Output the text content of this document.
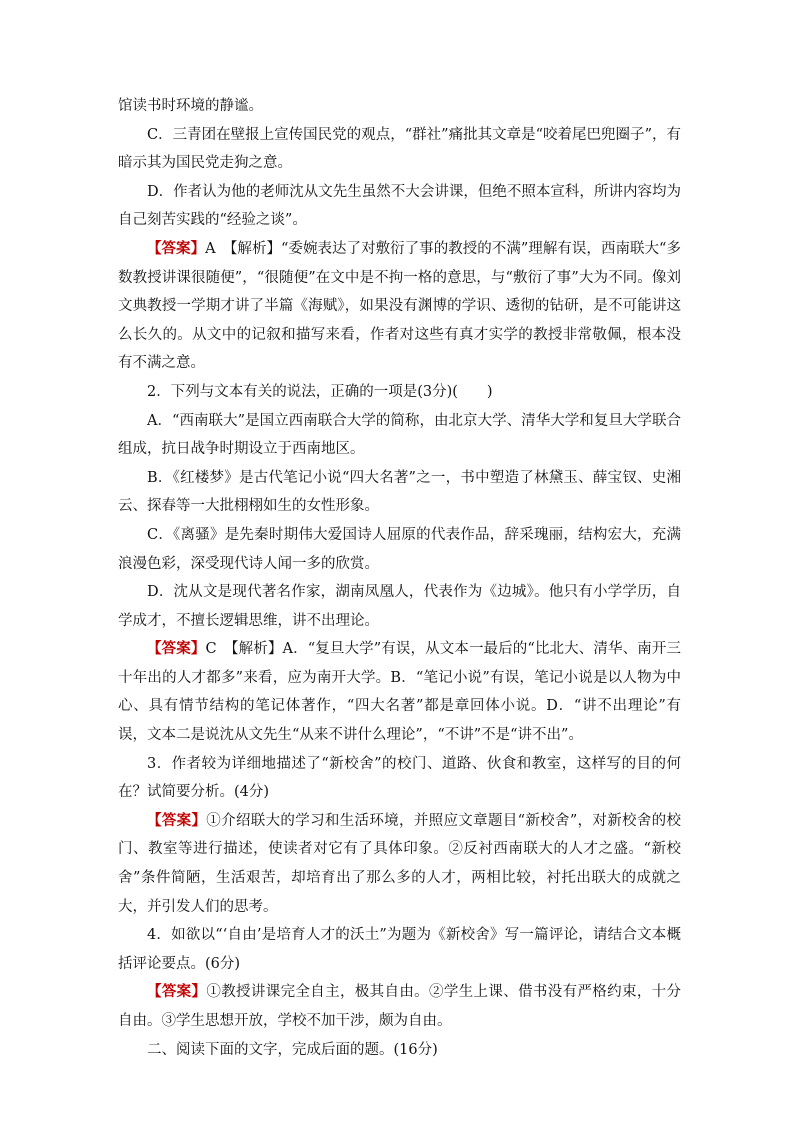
馆读书时环境的静谧。

C．三青团在壁报上宣传国民党的观点，“群社”痛批其文章是“咬着尾巴兜圈子”，有暗示其为国民党走狗之意。

D．作者认为他的老师沈从文先生虽然不大会讲课，但绝不照本宣科，所讲内容均为自己刻苦实践的“经验之谈”。

【答案】A　【解析】“委婉表达了对敷衍了事的教授的不满”理解有误，西南联大“多数教授讲课很随便”，“很随便”在文中是不拘一格的意思，与“敷衍了事”大为不同。像刘文典教授一学期才讲了半篇《海赋》，如果没有渊博的学识、透彻的钻研，是不可能讲这么长久的。从文中的记叙和描写来看，作者对这些有真才实学的教授非常敬佩，根本没有不满之意。

2．下列与文本有关的说法，正确的一项是(3分)(　　)

A．“西南联大”是国立西南联合大学的简称，由北京大学、清华大学和复旦大学联合组成，抗日战争时期设立于西南地区。

B．《红楼梦》是古代笔记小说“四大名著”之一，书中塑造了林黛玉、薛宝钗、史湘云、探春等一大批栩栩如生的女性形象。

C．《离骚》是先秦时期伟大爱国诗人屈原的代表作品，辞采瑰丽，结构宏大，充满浪漫色彩，深受现代诗人闻一多的欣赏。

D．沈从文是现代著名作家，湖南凤凰人，代表作为《边城》。他只有小学学历，自学成才，不擅长逻辑思维，讲不出理论。

【答案】C　【解析】A．“复旦大学”有误，从文本一最后的“比北大、清华、南开三十年出的人才都多”来看，应为南开大学。B．“笔记小说”有误，笔记小说是以人物为中心、具有情节结构的笔记体著作，“四大名著”都是章回体小说。D．“讲不出理论”有误，文本二是说沈从文先生“从来不讲什么理论”，“不讲”不是“讲不出”。

3．作者较为详细地描述了“新校舍”的校门、道路、伙食和教室，这样写的目的何在？试简要分析。(4分)

【答案】①介绍联大的学习和生活环境，并照应文章题目“新校舍”，对新校舍的校门、教室等进行描述，使读者对它有了具体印象。②反衬西南联大的人才之盛。“新校舍”条件简陋，生活艰苦，却培育出了那么多的人才，两相比较，衬托出联大的成就之大，并引发人们的思考。

4．如欲以“‘自由’是培育人才的沃土”为题为《新校舍》写一篇评论，请结合文本概括评论要点。(6分)

【答案】①教授讲课完全自主，极其自由。②学生上课、借书没有严格约束，十分自由。③学生思想开放，学校不加干涉，颇为自由。

二、阅读下面的文字，完成后面的题。(16分)
